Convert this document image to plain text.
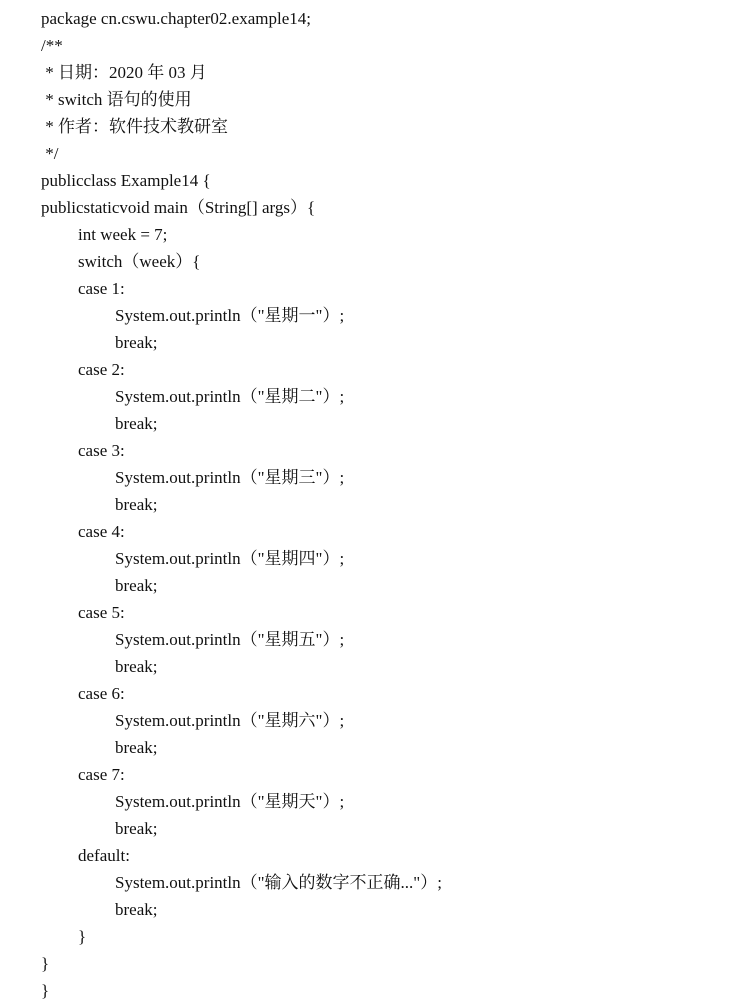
package cn.cswu.chapter02.example14;
/**
* 日期：2020 年 03 月
* switch 语句的使用
* 作者：软件技术教研室
*/
publicclass Example14 {
publicstaticvoid main（String[] args）{
int week = 7;
switch（week）{
case 1:
System.out.println（"星期一"）;
break;
case 2:
System.out.println（"星期二"）;
break;
case 3:
System.out.println（"星期三"）;
break;
case 4:
System.out.println（"星期四"）;
break;
case 5:
System.out.println（"星期五"）;
break;
case 6:
System.out.println（"星期六"）;
break;
case 7:
System.out.println（"星期天"）;
break;
default:
System.out.println（"输入的数字不正确..."）;
break;
}
}
}
